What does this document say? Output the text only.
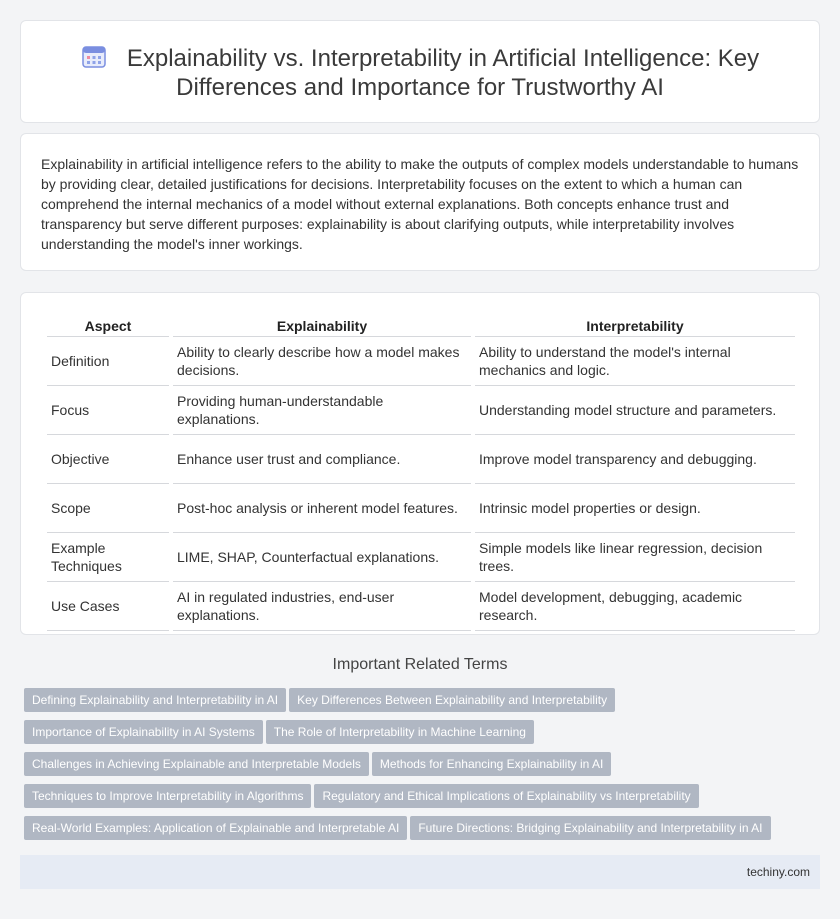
Explainability vs. Interpretability in Artificial Intelligence: Key Differences and Importance for Trustworthy AI

Explainability in artificial intelligence refers to the ability to make the outputs of complex models understandable to humans by providing clear, detailed justifications for decisions. Interpretability focuses on the extent to which a human can comprehend the internal mechanics of a model without external explanations. Both concepts enhance trust and transparency but serve different purposes: explainability is about clarifying outputs, while interpretability involves understanding the model's inner workings.

Aspect	Explainability	Interpretability
Definition	Ability to clearly describe how a model makes decisions.	Ability to understand the model's internal mechanics and logic.
Focus	Providing human-understandable explanations.	Understanding model structure and parameters.
Objective	Enhance user trust and compliance.	Improve model transparency and debugging.
Scope	Post-hoc analysis or inherent model features.	Intrinsic model properties or design.
Example Techniques	LIME, SHAP, Counterfactual explanations.	Simple models like linear regression, decision trees.
Use Cases	AI in regulated industries, end-user explanations.	Model development, debugging, academic research.
Important Related Terms
Defining Explainability and Interpretability in AI Key Differences Between Explainability and Interpretability
Importance of Explainability in AI Systems The Role of Interpretability in Machine Learning
Challenges in Achieving Explainable and Interpretable Models Methods for Enhancing Explainability in AI
Techniques to Improve Interpretability in Algorithms Regulatory and Ethical Implications of Explainability vs Interpretability
Real-World Examples: Application of Explainable and Interpretable AI Future Directions: Bridging Explainability and Interpretability in AI
techiny.com
